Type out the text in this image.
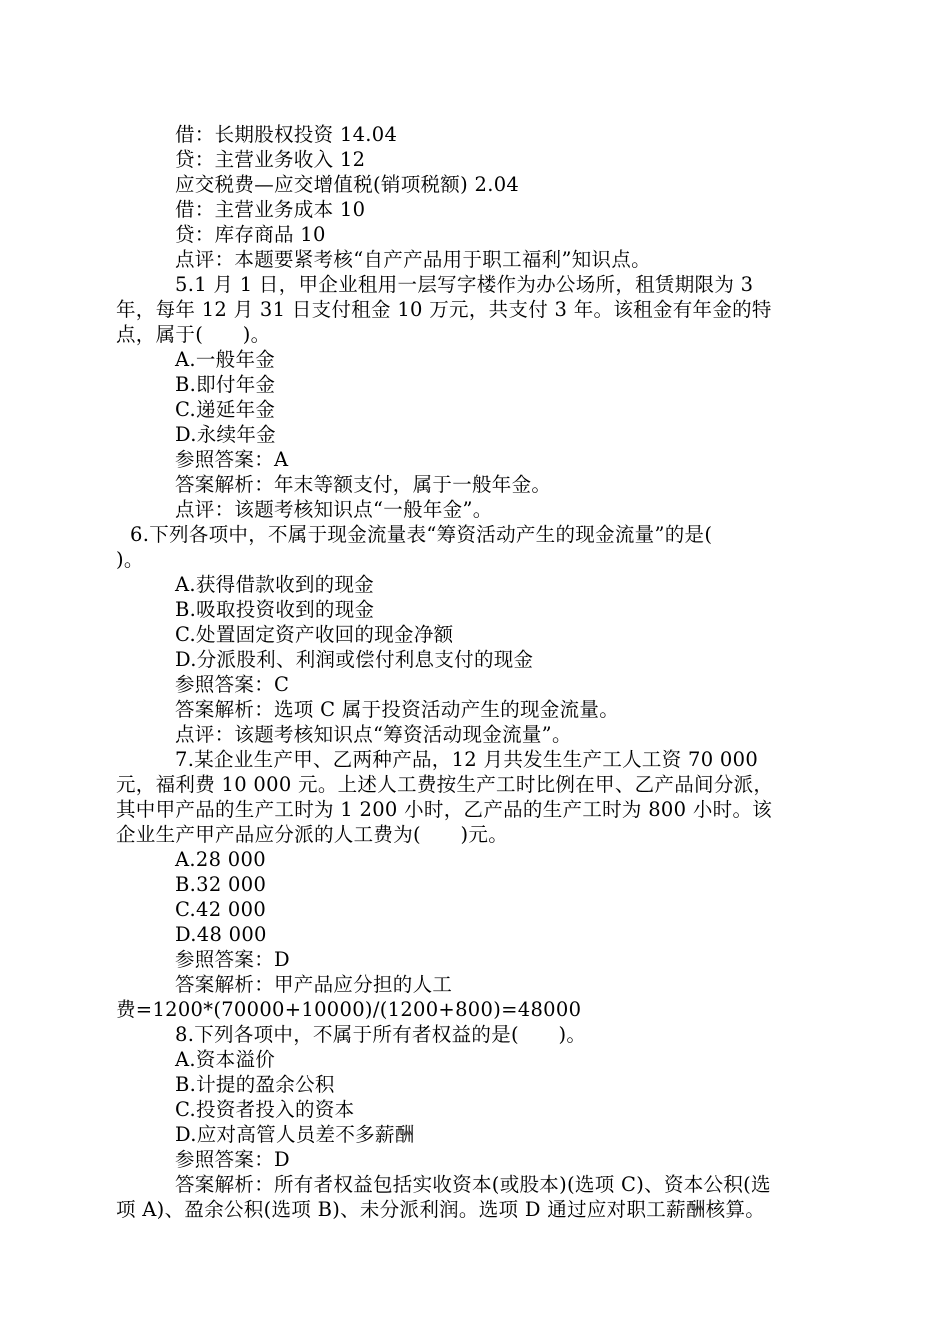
借：长期股权投资 14.04
贷：主营业务收入 12
应交税费—应交增值税(销项税额) 2.04
借：主营业务成本 10
贷：库存商品 10
点评：本题要紧考核“自产产品用于职工福利”知识点。
5.1 月 1 日，甲企业租用一层写字楼作为办公场所，租赁期限为 3
年，每年 12 月 31 日支付租金 10 万元，共支付 3 年。该租金有年金的特
点，属于(　　)。
A.一般年金
B.即付年金
C.递延年金
D.永续年金
参照答案：A
答案解析：年末等额支付，属于一般年金。
点评：该题考核知识点“一般年金”。
6.下列各项中，不属于现金流量表“筹资活动产生的现金流量”的是(
)。
A.获得借款收到的现金
B.吸取投资收到的现金
C.处置固定资产收回的现金净额
D.分派股利、利润或偿付利息支付的现金
参照答案：C
答案解析：选项 C 属于投资活动产生的现金流量。
点评：该题考核知识点“筹资活动现金流量”。
7.某企业生产甲、乙两种产品，12 月共发生生产工人工资 70 000
元，福利费 10 000 元。上述人工费按生产工时比例在甲、乙产品间分派，
其中甲产品的生产工时为 1 200 小时，乙产品的生产工时为 800 小时。该
企业生产甲产品应分派的人工费为(　　)元。
A.28 000
B.32 000
C.42 000
D.48 000
参照答案：D
答案解析：甲产品应分担的人工
费=1200*(70000+10000)/(1200+800)=48000
8.下列各项中，不属于所有者权益的是(　　)。
A.资本溢价
B.计提的盈余公积
C.投资者投入的资本
D.应对高管人员差不多薪酬
参照答案：D
答案解析：所有者权益包括实收资本(或股本)(选项 C)、资本公积(选
项 A)、盈余公积(选项 B)、未分派利润。选项 D 通过应对职工薪酬核算。
